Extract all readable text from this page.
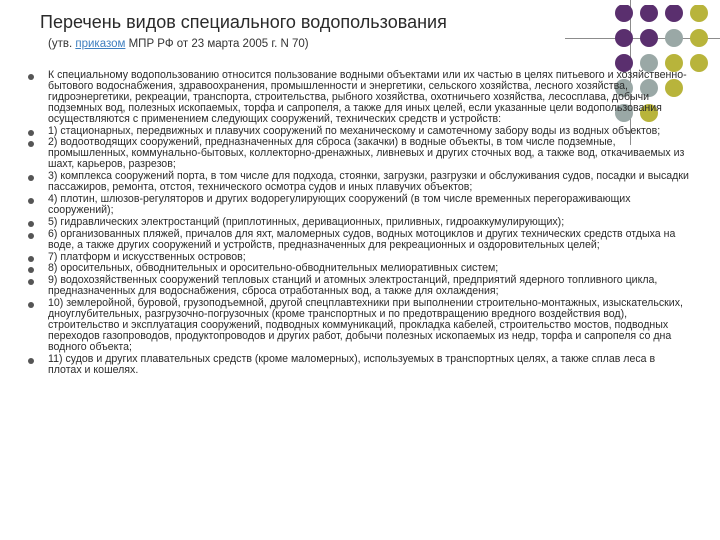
Перечень видов специального водопользования
(утв. приказом МПР РФ от 23 марта 2005 г. N 70)
К специальному водопользованию относится пользование водными объектами или их частью в целях питьевого и хозяйственно-бытового водоснабжения, здравоохранения, промышленности и энергетики, сельского хозяйства, лесного хозяйства, гидроэнергетики, рекреации, транспорта, строительства, рыбного хозяйства, охотничьего хозяйства, лесосплава, добычи подземных вод, полезных ископаемых, торфа и сапропеля, а также для иных целей, если указанные цели водопользования осуществляются с применением следующих сооружений, технических средств и устройств:
1) стационарных, передвижных и плавучих сооружений по механическому и самотечному забору воды из водных объектов;
2) водоотводящих сооружений, предназначенных для сброса (закачки) в водные объекты, в том числе подземные, промышленных, коммунально-бытовых, коллекторно-дренажных, ливневых и других сточных вод, а также вод, откачиваемых из шахт, карьеров, разрезов;
3) комплекса сооружений порта, в том числе для подхода, стоянки, загрузки, разгрузки и обслуживания судов, посадки и высадки пассажиров, ремонта, отстоя, технического осмотра судов и иных плавучих объектов;
4) плотин, шлюзов-регуляторов и других водорегулирующих сооружений (в том числе временных перегораживающих сооружений);
5) гидравлических электростанций (приплотинных, деривационных, приливных, гидроаккумулирующих);
6) организованных пляжей, причалов для яхт, маломерных судов, водных мотоциклов и других технических средств отдыха на воде, а также других сооружений и устройств, предназначенных для рекреационных и оздоровительных целей;
7) платформ и искусственных островов;
8) оросительных, обводнительных и оросительно-обводнительных мелиоративных систем;
9) водохозяйственных сооружений тепловых станций и атомных электростанций, предприятий ядерного топливного цикла, предназначенных для водоснабжения, сброса отработанных вод, а также для охлаждения;
10) землеройной, буровой, грузоподъемной, другой спецплавтехники при выполнении строительно-монтажных, изыскательских, дноуглубительных, разгрузочно-погрузочных (кроме транспортных и по предотвращению вредного воздействия вод), строительство и эксплуатация сооружений, подводных коммуникаций, прокладка кабелей, строительство мостов, подводных переходов газопроводов, продуктопроводов и других работ, добычи полезных ископаемых из недр, торфа и сапропеля со дна водного объекта;
11) судов и других плавательных средств (кроме маломерных), используемых в транспортных целях, а также сплав леса в плотах и кошелях.
